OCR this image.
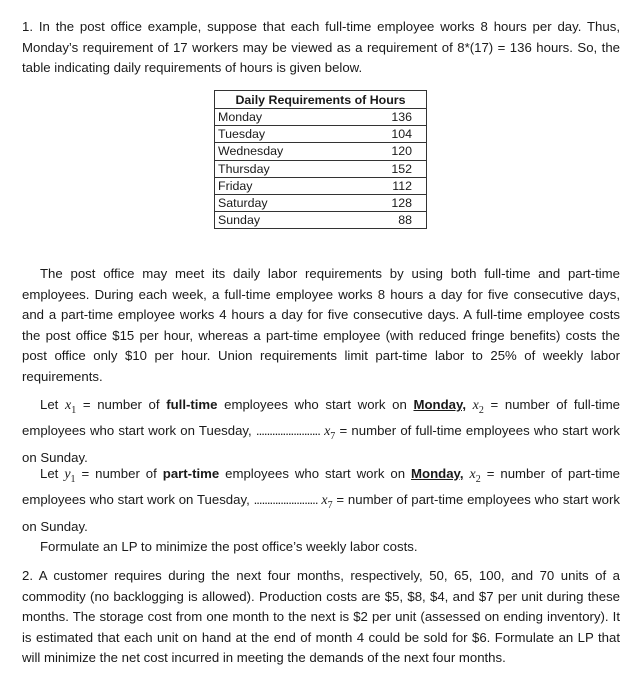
1. In the post office example, suppose that each full-time employee works 8 hours per day. Thus, Monday’s requirement of 17 workers may be viewed as a requirement of 8*(17) = 136 hours. So, the table indicating daily requirements of hours is given below.

Daily Requirements of Hours	
Monday	136
Tuesday	104
Wednesday	120
Thursday	152
Friday	112
Saturday	128
Sunday	88

The post office may meet its daily labor requirements by using both full-time and part-time employees. During each week, a full-time employee works 8 hours a day for five consecutive days, and a part-time employee works 4 hours a day for five consecutive days. A full-time employee costs the post office $15 per hour, whereas a part-time employee (with reduced fringe benefits) costs the post office only $10 per hour. Union requirements limit part-time labor to 25% of weekly labor requirements.

Let $x_1$ = number of full-time employees who start work on Monday, $x_2$ = number of full-time employees who start work on Tuesday, ........................ $x_7$ = number of full-time employees who start work on Sunday.

Let $y_1$ = number of part-time employees who start work on Monday, $x_2$ = number of part-time employees who start work on Tuesday, ........................ $x_7$ = number of part-time employees who start work on Sunday.

Formulate an LP to minimize the post office’s weekly labor costs.

2. A customer requires during the next four months, respectively, 50, 65, 100, and 70 units of a commodity (no backlogging is allowed). Production costs are $5, $8, $4, and $7 per unit during these months. The storage cost from one month to the next is $2 per unit (assessed on ending inventory). It is estimated that each unit on hand at the end of month 4 could be sold for $6. Formulate an LP that will minimize the net cost incurred in meeting the demands of the next four months.
